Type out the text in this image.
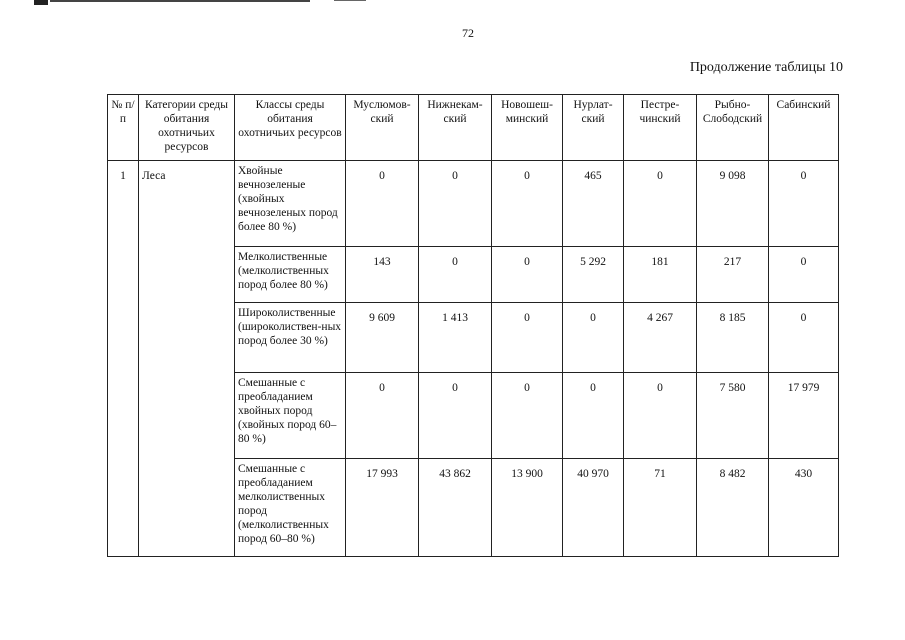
72
Продолжение таблицы 10
№ п/п	Категории среды обитания охотничьих ресурсов	Классы среды обитания охотничьих ресурсов	Муслюмов-ский	Нижнекам-ский	Новошеш-минский	Нурлат-ский	Пестре-чинский	Рыбно-Слободский	Сабинский
1	Леса	Хвойные вечнозеленые (хвойных вечнозеленых пород более 80 %)	0	0	0	465	0	9 098	0
		Мелколиственные (мелколиственных пород более 80 %)	143	0	0	5 292	181	217	0
		Широколиственные (широколиствен-ных пород более 30 %)	9 609	1 413	0	0	4 267	8 185	0
		Смешанные с преобладанием хвойных пород (хвойных пород 60–80 %)	0	0	0	0	0	7 580	17 979
		Смешанные с преобладанием мелколиственных пород (мелколиственных пород 60–80 %)	17 993	43 862	13 900	40 970	71	8 482	430
